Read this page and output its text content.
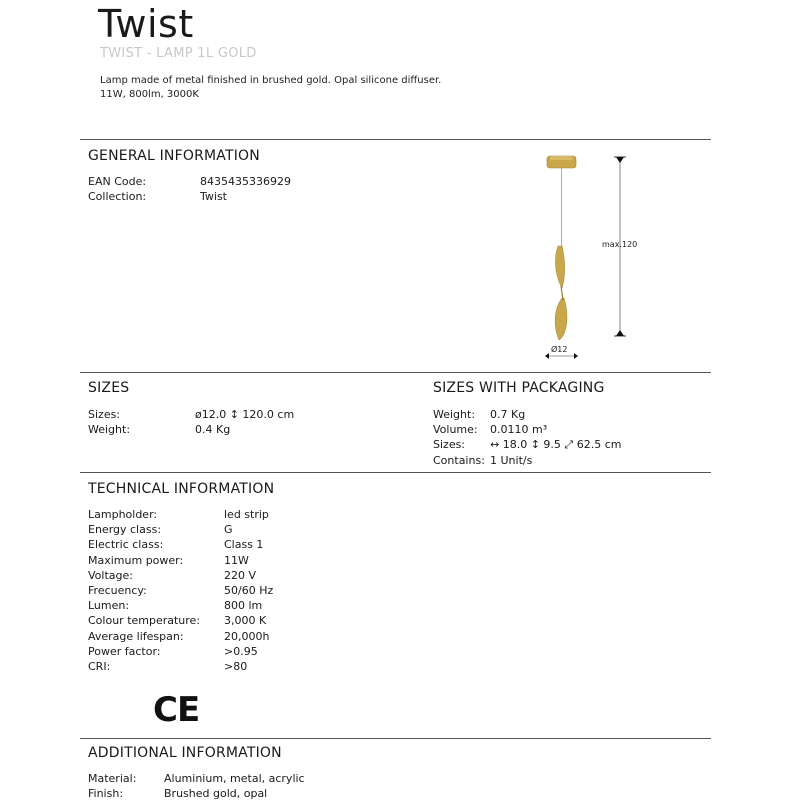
Twist
TWIST - LAMP 1L GOLD
Lamp made of metal finished in brushed gold. Opal silicone diffuser.
11W, 800lm, 3000K
GENERAL INFORMATION
EAN Code:	8435435336929
Collection:	Twist
max.120
Ø12
SIZES
Sizes:	ø12.0 ↕ 120.0 cm
Weight:	0.4 Kg
SIZES WITH PACKAGING
Weight:	0.7 Kg
Volume:	0.0110 m³
Sizes:	↔ 18.0 ↕ 9.5 ⤢ 62.5 cm
Contains: 1 Unit/s
TECHNICAL INFORMATION
Lampholder:	led strip
Energy class:	G
Electric class:	Class 1
Maximum power:	11W
Voltage:	220 V
Frecuency:	50/60 Hz
Lumen:	800 lm
Colour temperature:	3,000 K
Average lifespan:	20,000h
Power factor:	>0.95
CRI:	>80
CE
ADDITIONAL INFORMATION
Material:	Aluminium, metal, acrylic
Finish:	Brushed gold, opal
